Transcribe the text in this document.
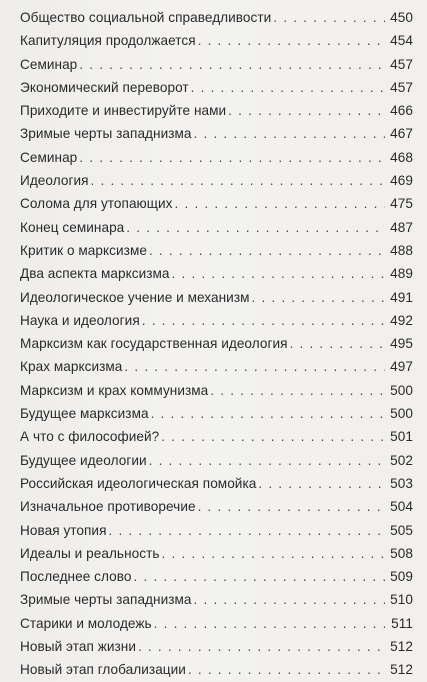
Общество социальной справедливости . . .	450
Капитуляция продолжается . . .	454
Семинар . . .	457
Экономический переворот . . .	457
Приходите и инвестируйте нами . . .	466
Зримые черты западнизма . . .	467
Семинар . . .	468
Идеология . . .	469
Солома для утопающих . . .	475
Конец семинара . . .	487
Критик о марксизме . . .	488
Два аспекта марксизма . . .	489
Идеологическое учение и механизм . . .	491
Наука и идеология . . .	492
Марксизм как государственная идеология . . .	495
Крах марксизма . . .	497
Марксизм и крах коммунизма . . .	500
Будущее марксизма . . .	500
А что с философией? . . .	501
Будущее идеологии . . .	502
Российская идеологическая помойка . . .	503
Изначальное противоречие . . .	504
Новая утопия . . .	505
Идеалы и реальность . . .	508
Последнее слово . . .	509
Зримые черты западнизма . . .	510
Старики и молодежь . . .	511
Новый этап жизни . . .	512
Новый этап глобализации . . .	512
